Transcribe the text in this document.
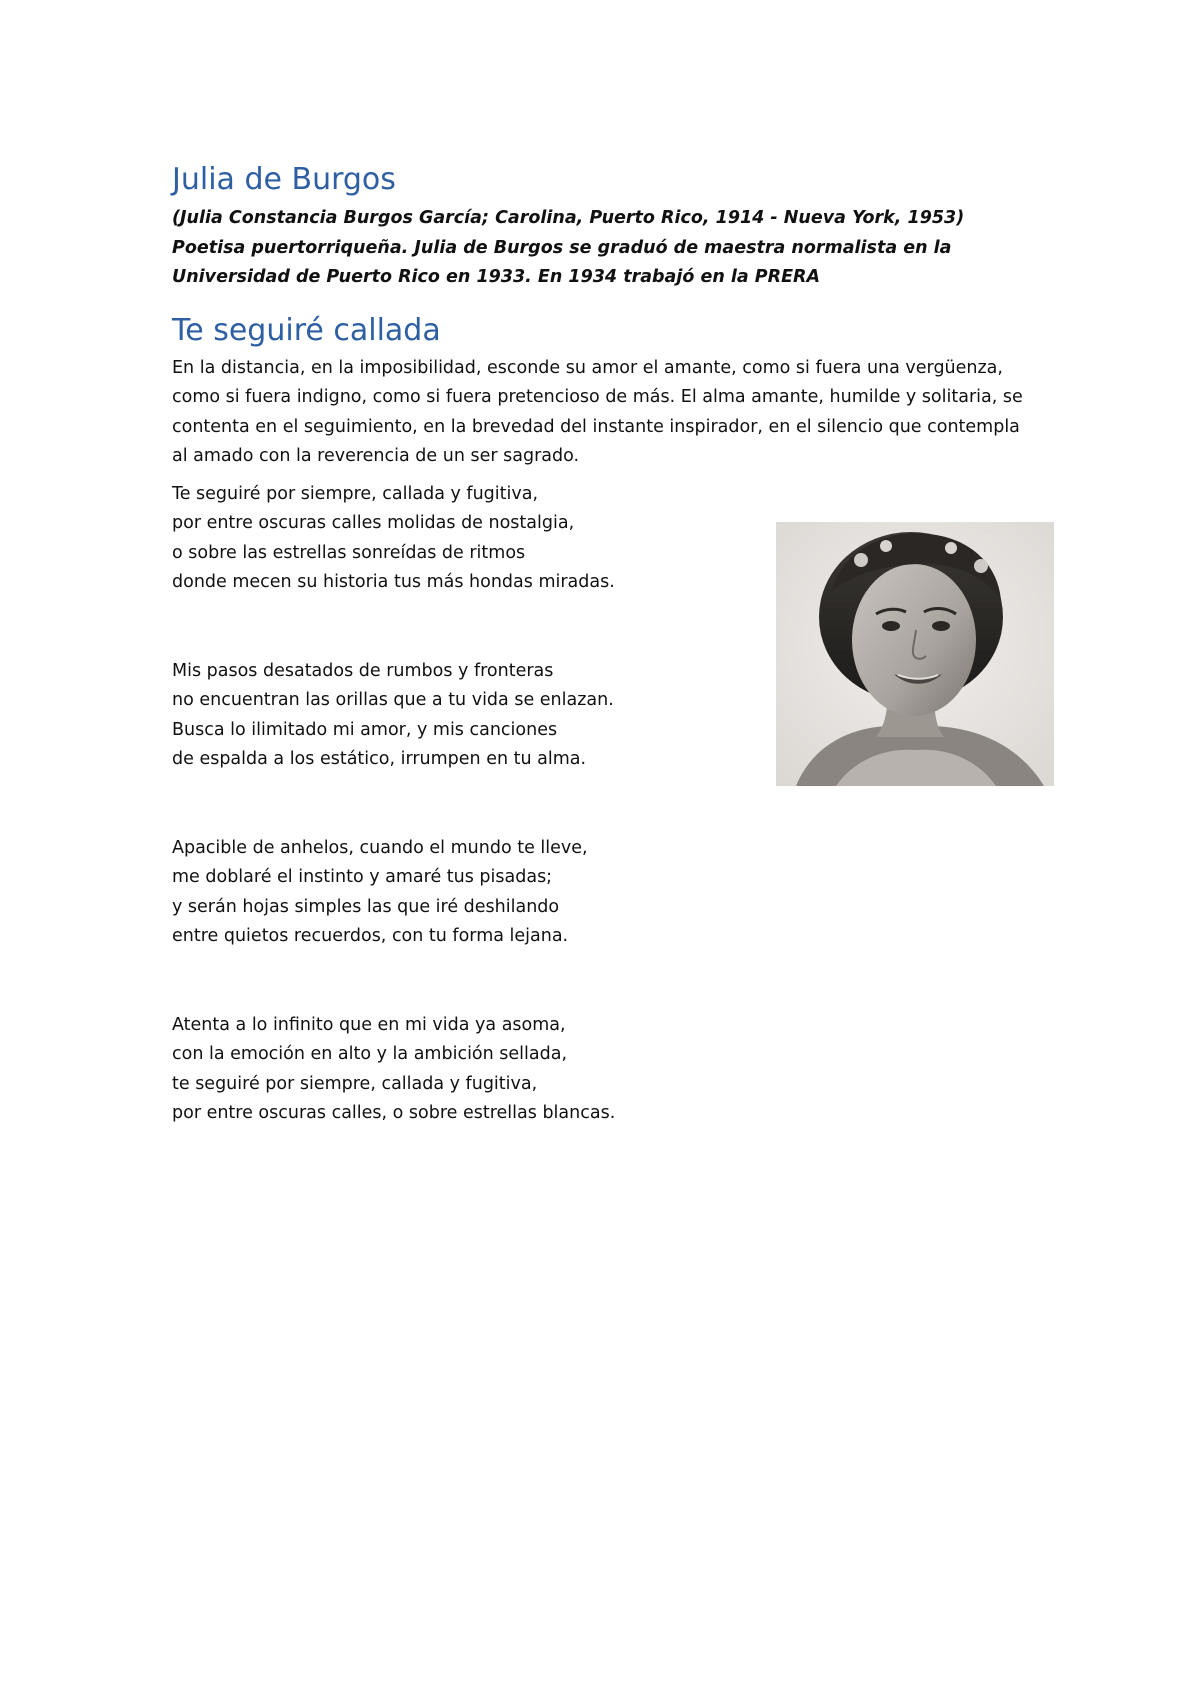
Julia de Burgos

(Julia Constancia Burgos García; Carolina, Puerto Rico, 1914 - Nueva York, 1953) Poetisa puertorriqueña. Julia de Burgos se graduó de maestra normalista en la Universidad de Puerto Rico en 1933. En 1934 trabajó en la PRERA

Te seguiré callada

En la distancia, en la imposibilidad, esconde su amor el amante, como si fuera una vergüenza, como si fuera indigno, como si fuera pretencioso de más. El alma amante, humilde y solitaria, se contenta en el seguimiento, en la brevedad del instante inspirador, en el silencio que contempla al amado con la reverencia de un ser sagrado.

Te seguiré por siempre, callada y fugitiva,
por entre oscuras calles molidas de nostalgia,
o sobre las estrellas sonreídas de ritmos
donde mecen su historia tus más hondas miradas.

Mis pasos desatados de rumbos y fronteras
no encuentran las orillas que a tu vida se enlazan.
Busca lo ilimitado mi amor, y mis canciones
de espalda a los estático, irrumpen en tu alma.

Apacible de anhelos, cuando el mundo te lleve,
me doblaré el instinto y amaré tus pisadas;
y serán hojas simples las que iré deshilando
entre quietos recuerdos, con tu forma lejana.

Atenta a lo infinito que en mi vida ya asoma,
con la emoción en alto y la ambición sellada,
te seguiré por siempre, callada y fugitiva,
por entre oscuras calles, o sobre estrellas blancas.
